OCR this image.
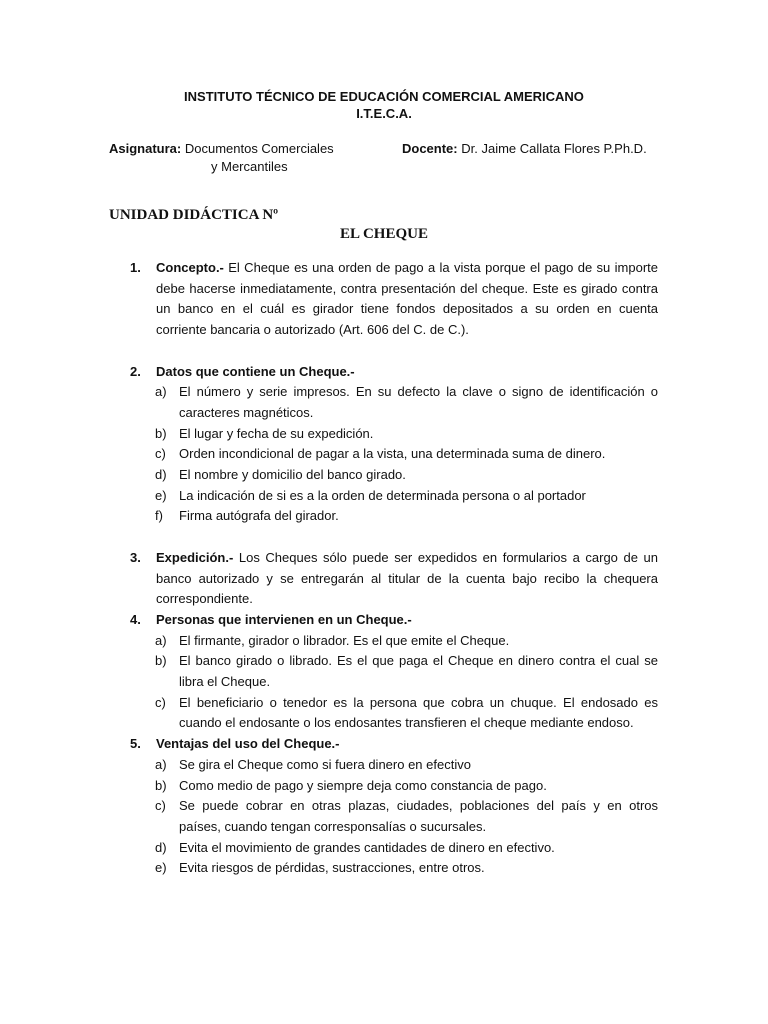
INSTITUTO TÉCNICO DE EDUCACIÓN COMERCIAL AMERICANO
I.T.E.C.A.
Asignatura: Documentos Comerciales
y Mercantiles
Docente: Dr. Jaime Callata Flores P.Ph.D.
UNIDAD DIDÁCTICA Nº
EL CHEQUE
1. Concepto.- El Cheque es una orden de pago a la vista porque el pago de su importe debe hacerse inmediatamente, contra presentación del cheque. Este es girado contra un banco en el cuál es girador tiene fondos depositados a su orden en cuenta corriente bancaria o autorizado (Art. 606 del C. de C.).
2. Datos que contiene un Cheque.-
a) El número y serie impresos. En su defecto la clave o signo de identificación o caracteres magnéticos.
b) El lugar y fecha de su expedición.
c) Orden incondicional de pagar a la vista, una determinada suma de dinero.
d) El nombre y domicilio del banco girado.
e) La indicación de si es a la orden de determinada persona o al portador
f) Firma autógrafa del girador.
3. Expedición.- Los Cheques sólo puede ser expedidos en formularios a cargo de un banco autorizado y se entregarán al titular de la cuenta bajo recibo la chequera correspondiente.
4. Personas que intervienen en un Cheque.-
a) El firmante, girador o librador. Es el que emite el Cheque.
b) El banco girado o librado. Es el que paga el Cheque en dinero contra el cual se libra el Cheque.
c) El beneficiario o tenedor es la persona que cobra un chuque. El endosado es cuando el endosante o los endosantes transfieren el cheque mediante endoso.
5. Ventajas del uso del Cheque.-
a) Se gira el Cheque como si fuera dinero en efectivo
b) Como medio de pago y siempre deja como constancia de pago.
c) Se puede cobrar en otras plazas, ciudades, poblaciones del país y en otros países, cuando tengan corresponsalías o sucursales.
d) Evita el movimiento de grandes cantidades de dinero en efectivo.
e) Evita riesgos de pérdidas, sustracciones, entre otros.
